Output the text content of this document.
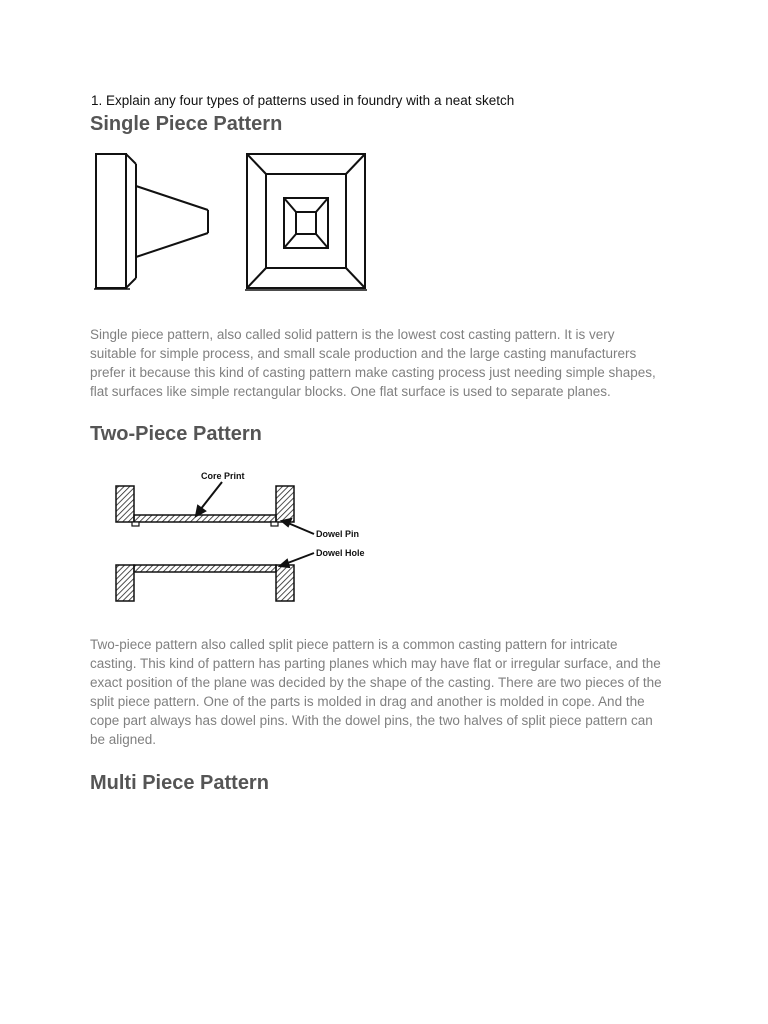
1. Explain any four types of patterns used in foundry with a neat sketch
Single Piece Pattern
Single piece pattern, also called solid pattern is the lowest cost casting pattern. It is very
suitable for simple process, and small scale production and the large casting manufacturers
prefer it because this kind of casting pattern make casting process just needing simple shapes,
flat surfaces like simple rectangular blocks. One flat surface is used to separate planes.
Two-Piece Pattern
Core Print
Dowel Pin
Dowel Hole
Two-piece pattern also called split piece pattern is a common casting pattern for intricate
casting. This kind of pattern has parting planes which may have flat or irregular surface, and the
exact position of the plane was decided by the shape of the casting. There are two pieces of the
split piece pattern. One of the parts is molded in drag and another is molded in cope. And the
cope part always has dowel pins. With the dowel pins, the two halves of split piece pattern can
be aligned.
Multi Piece Pattern
